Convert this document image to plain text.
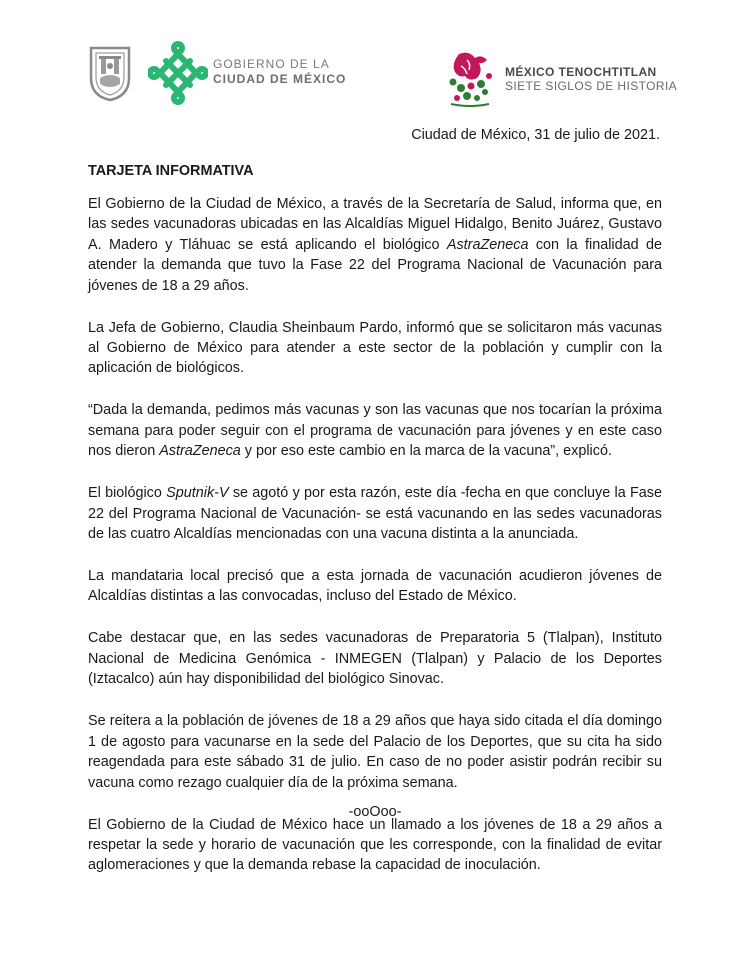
GOBIERNO DE LA
CIUDAD DE MÉXICO	MÉXICO TENOCHTITLAN
SIETE SIGLOS DE HISTORIA
Ciudad de México, 31 de julio de 2021.
TARJETA INFORMATIVA

El Gobierno de la Ciudad de México, a través de la Secretaría de Salud, informa que, en las sedes vacunadoras ubicadas en las Alcaldías Miguel Hidalgo, Benito Juárez, Gustavo A. Madero y Tláhuac se está aplicando el biológico AstraZeneca con la finalidad de atender la demanda que tuvo la Fase 22 del Programa Nacional de Vacunación para jóvenes de 18 a 29 años.

La Jefa de Gobierno, Claudia Sheinbaum Pardo, informó que se solicitaron más vacunas al Gobierno de México para atender a este sector de la población y cumplir con la aplicación de biológicos.

“Dada la demanda, pedimos más vacunas y son las vacunas que nos tocarían la próxima semana para poder seguir con el programa de vacunación para jóvenes y en este caso nos dieron AstraZeneca y por eso este cambio en la marca de la vacuna”, explicó.

El biológico Sputnik-V se agotó y por esta razón, este día -fecha en que concluye la Fase 22 del Programa Nacional de Vacunación- se está vacunando en las sedes vacunadoras de las cuatro Alcaldías mencionadas con una vacuna distinta a la anunciada.

La mandataria local precisó que a esta jornada de vacunación acudieron jóvenes de Alcaldías distintas a las convocadas, incluso del Estado de México.

Cabe destacar que, en las sedes vacunadoras de Preparatoria 5 (Tlalpan), Instituto Nacional de Medicina Genómica - INMEGEN (Tlalpan) y Palacio de los Deportes (Iztacalco) aún hay disponibilidad del biológico Sinovac.

Se reitera a la población de jóvenes de 18 a 29 años que haya sido citada el día domingo 1 de agosto para vacunarse en la sede del Palacio de los Deportes, que su cita ha sido reagendada para este sábado 31 de julio. En caso de no poder asistir podrán recibir su vacuna como rezago cualquier día de la próxima semana.

El Gobierno de la Ciudad de México hace un llamado a los jóvenes de 18 a 29 años a respetar la sede y horario de vacunación que les corresponde, con la finalidad de evitar aglomeraciones y que la demanda rebase la capacidad de inoculación.

-ooOoo-
